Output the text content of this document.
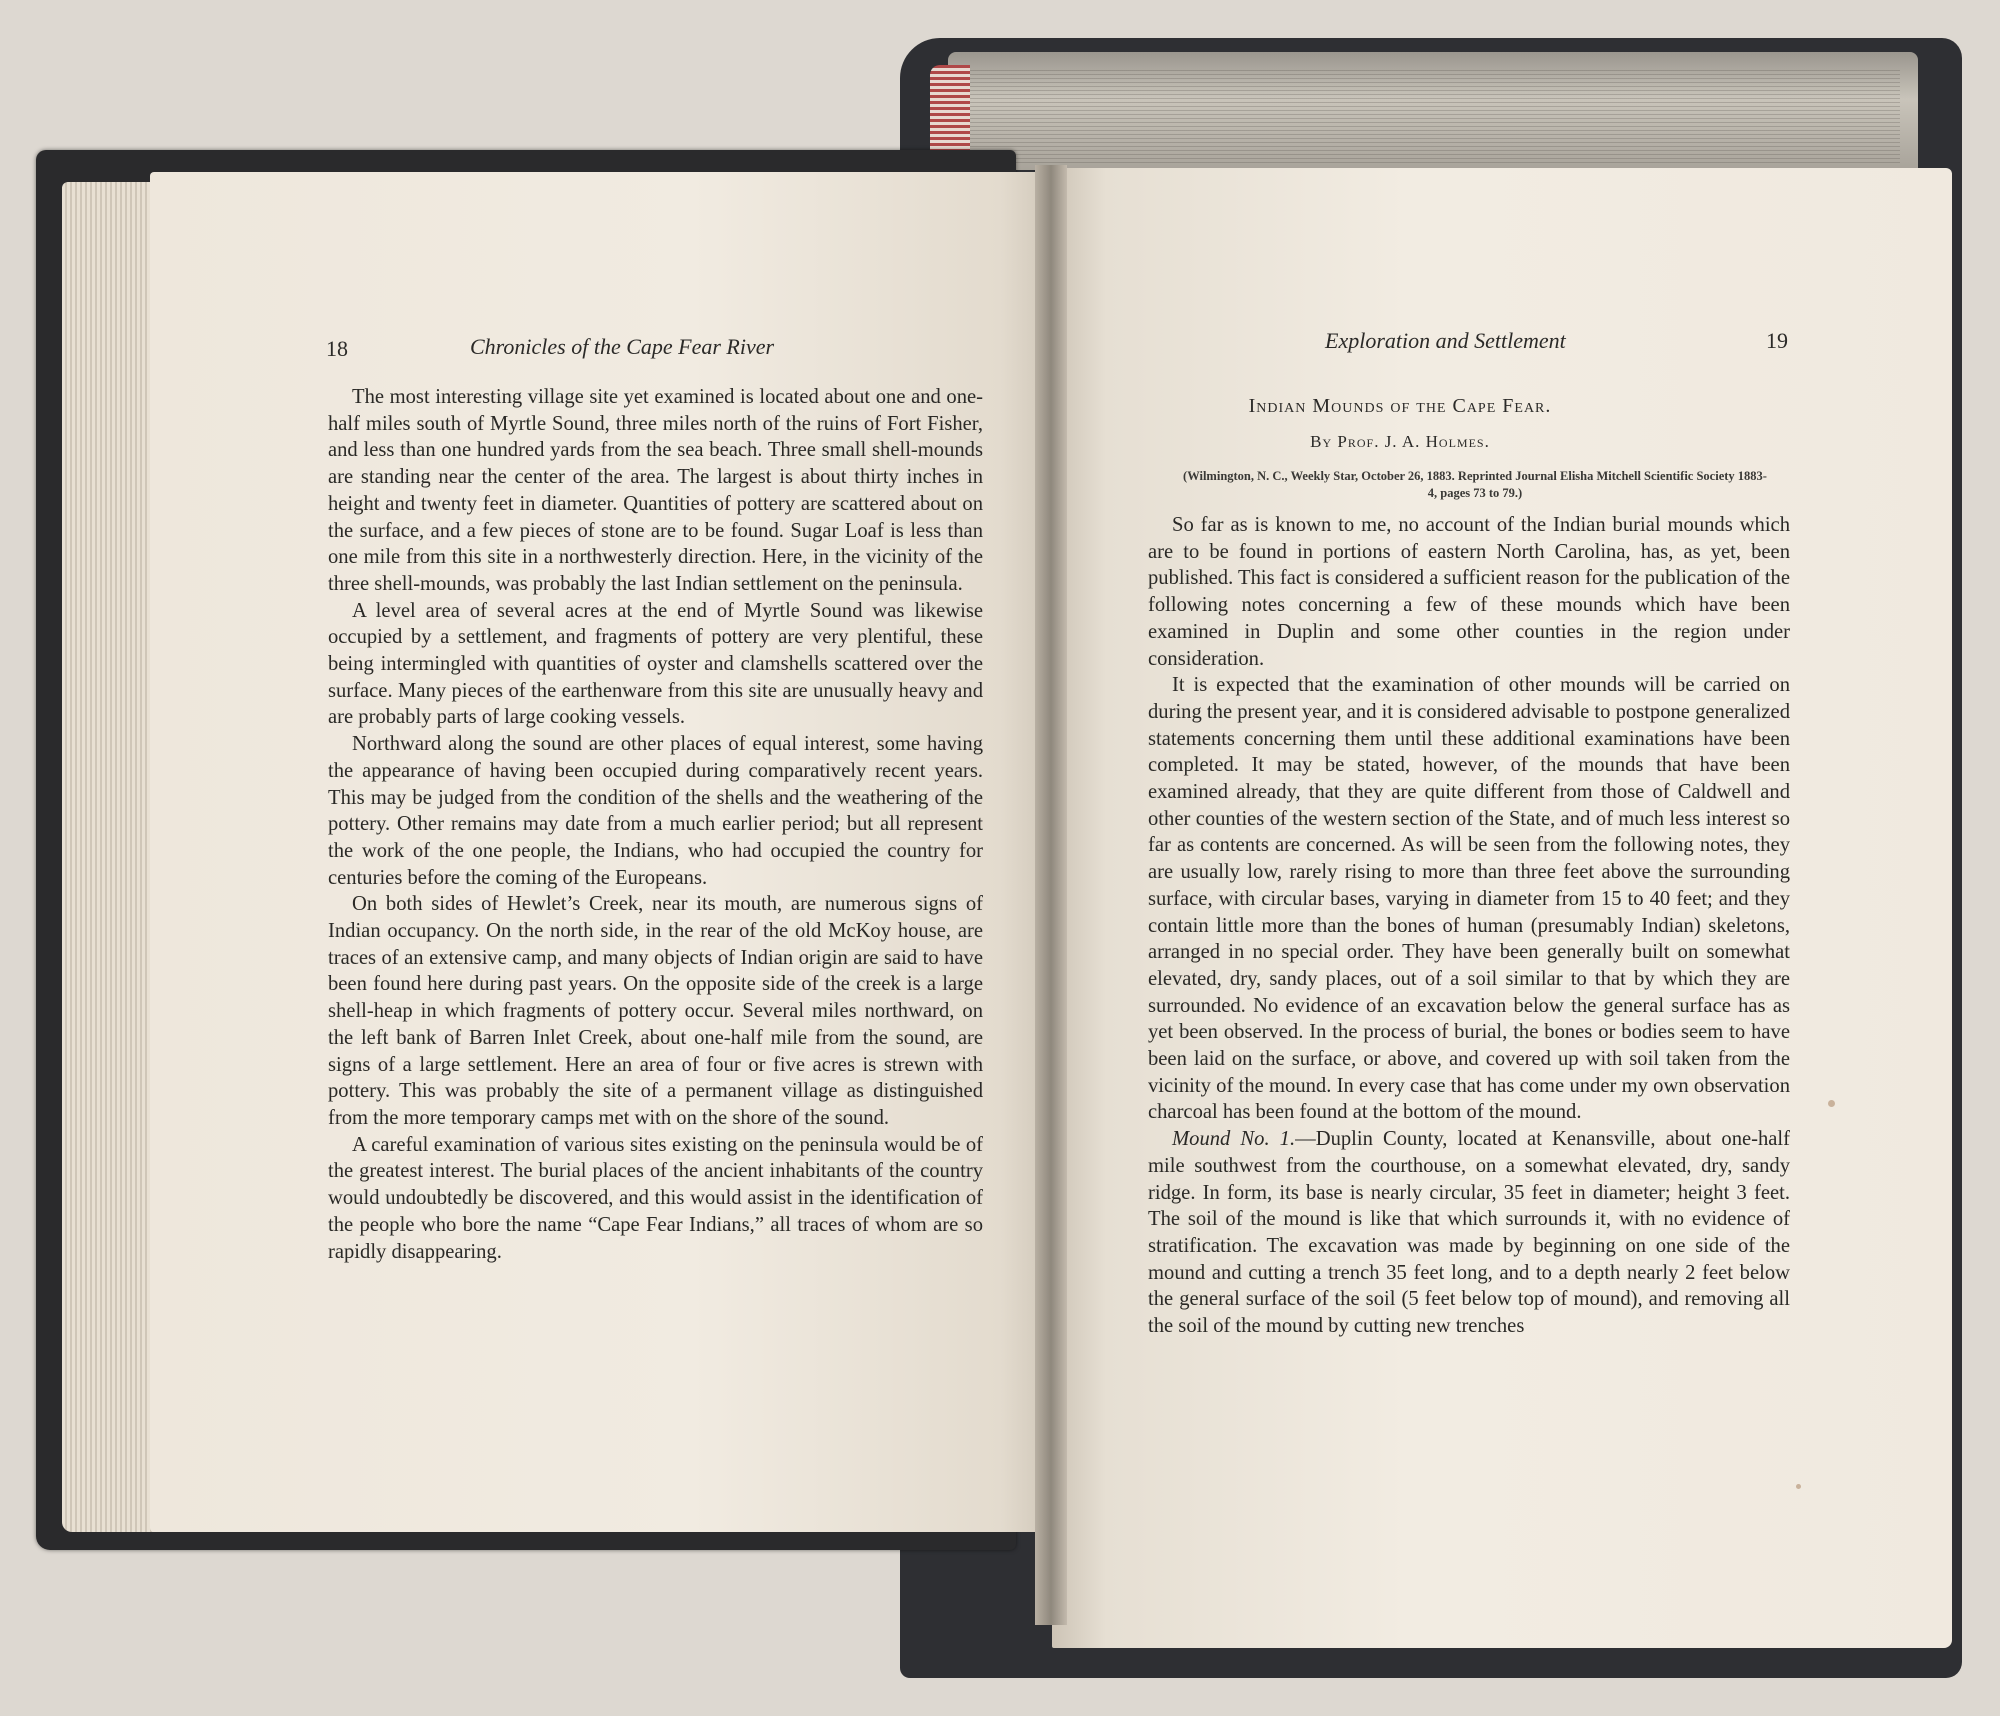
18	Chronicles of the Cape Fear River

The most interesting village site yet examined is located about one and one-half miles south of Myrtle Sound, three miles north of the ruins of Fort Fisher, and less than one hundred yards from the sea beach. Three small shell-mounds are standing near the center of the area. The largest is about thirty inches in height and twenty feet in diameter. Quantities of pottery are scattered about on the surface, and a few pieces of stone are to be found. Sugar Loaf is less than one mile from this site in a northwesterly direction. Here, in the vicinity of the three shell-mounds, was probably the last Indian settlement on the peninsula.

A level area of several acres at the end of Myrtle Sound was likewise occupied by a settlement, and fragments of pottery are very plentiful, these being intermingled with quantities of oyster and clamshells scattered over the surface. Many pieces of the earthenware from this site are unusually heavy and are probably parts of large cooking vessels.

Northward along the sound are other places of equal interest, some having the appearance of having been occupied during comparatively recent years. This may be judged from the condition of the shells and the weathering of the pottery. Other remains may date from a much earlier period; but all represent the work of the one people, the Indians, who had occupied the country for centuries before the coming of the Europeans.

On both sides of Hewlet’s Creek, near its mouth, are numerous signs of Indian occupancy. On the north side, in the rear of the old McKoy house, are traces of an extensive camp, and many objects of Indian origin are said to have been found here during past years. On the opposite side of the creek is a large shell-heap in which fragments of pottery occur. Several miles northward, on the left bank of Barren Inlet Creek, about one-half mile from the sound, are signs of a large settlement. Here an area of four or five acres is strewn with pottery. This was probably the site of a permanent village as distinguished from the more temporary camps met with on the shore of the sound.

A careful examination of various sites existing on the peninsula would be of the greatest interest. The burial places of the ancient inhabitants of the country would undoubtedly be discovered, and this would assist in the identification of the people who bore the name “Cape Fear Indians,” all traces of whom are so rapidly disappearing.

Exploration and Settlement	19
Indian Mounds of the Cape Fear.
By Prof. J. A. Holmes.
(Wilmington, N. C., Weekly Star, October 26, 1883. Reprinted Journal Elisha Mitchell Scientific Society 1883-4, pages 73 to 79.)

So far as is known to me, no account of the Indian burial mounds which are to be found in portions of eastern North Carolina, has, as yet, been published. This fact is considered a sufficient reason for the publication of the following notes concerning a few of these mounds which have been examined in Duplin and some other counties in the region under consideration.

It is expected that the examination of other mounds will be carried on during the present year, and it is considered advisable to postpone generalized statements concerning them until these additional examinations have been completed. It may be stated, however, of the mounds that have been examined already, that they are quite different from those of Caldwell and other counties of the western section of the State, and of much less interest so far as contents are concerned. As will be seen from the following notes, they are usually low, rarely rising to more than three feet above the surrounding surface, with circular bases, varying in diameter from 15 to 40 feet; and they contain little more than the bones of human (presumably Indian) skeletons, arranged in no special order. They have been generally built on somewhat elevated, dry, sandy places, out of a soil similar to that by which they are surrounded. No evidence of an excavation below the general surface has as yet been observed. In the process of burial, the bones or bodies seem to have been laid on the surface, or above, and covered up with soil taken from the vicinity of the mound. In every case that has come under my own observation charcoal has been found at the bottom of the mound.

Mound No. 1.—Duplin County, located at Kenansville, about one-half mile southwest from the courthouse, on a somewhat elevated, dry, sandy ridge. In form, its base is nearly circular, 35 feet in diameter; height 3 feet. The soil of the mound is like that which surrounds it, with no evidence of stratification. The excavation was made by beginning on one side of the mound and cutting a trench 35 feet long, and to a depth nearly 2 feet below the general surface of the soil (5 feet below top of mound), and removing all the soil of the mound by cutting new trenches
